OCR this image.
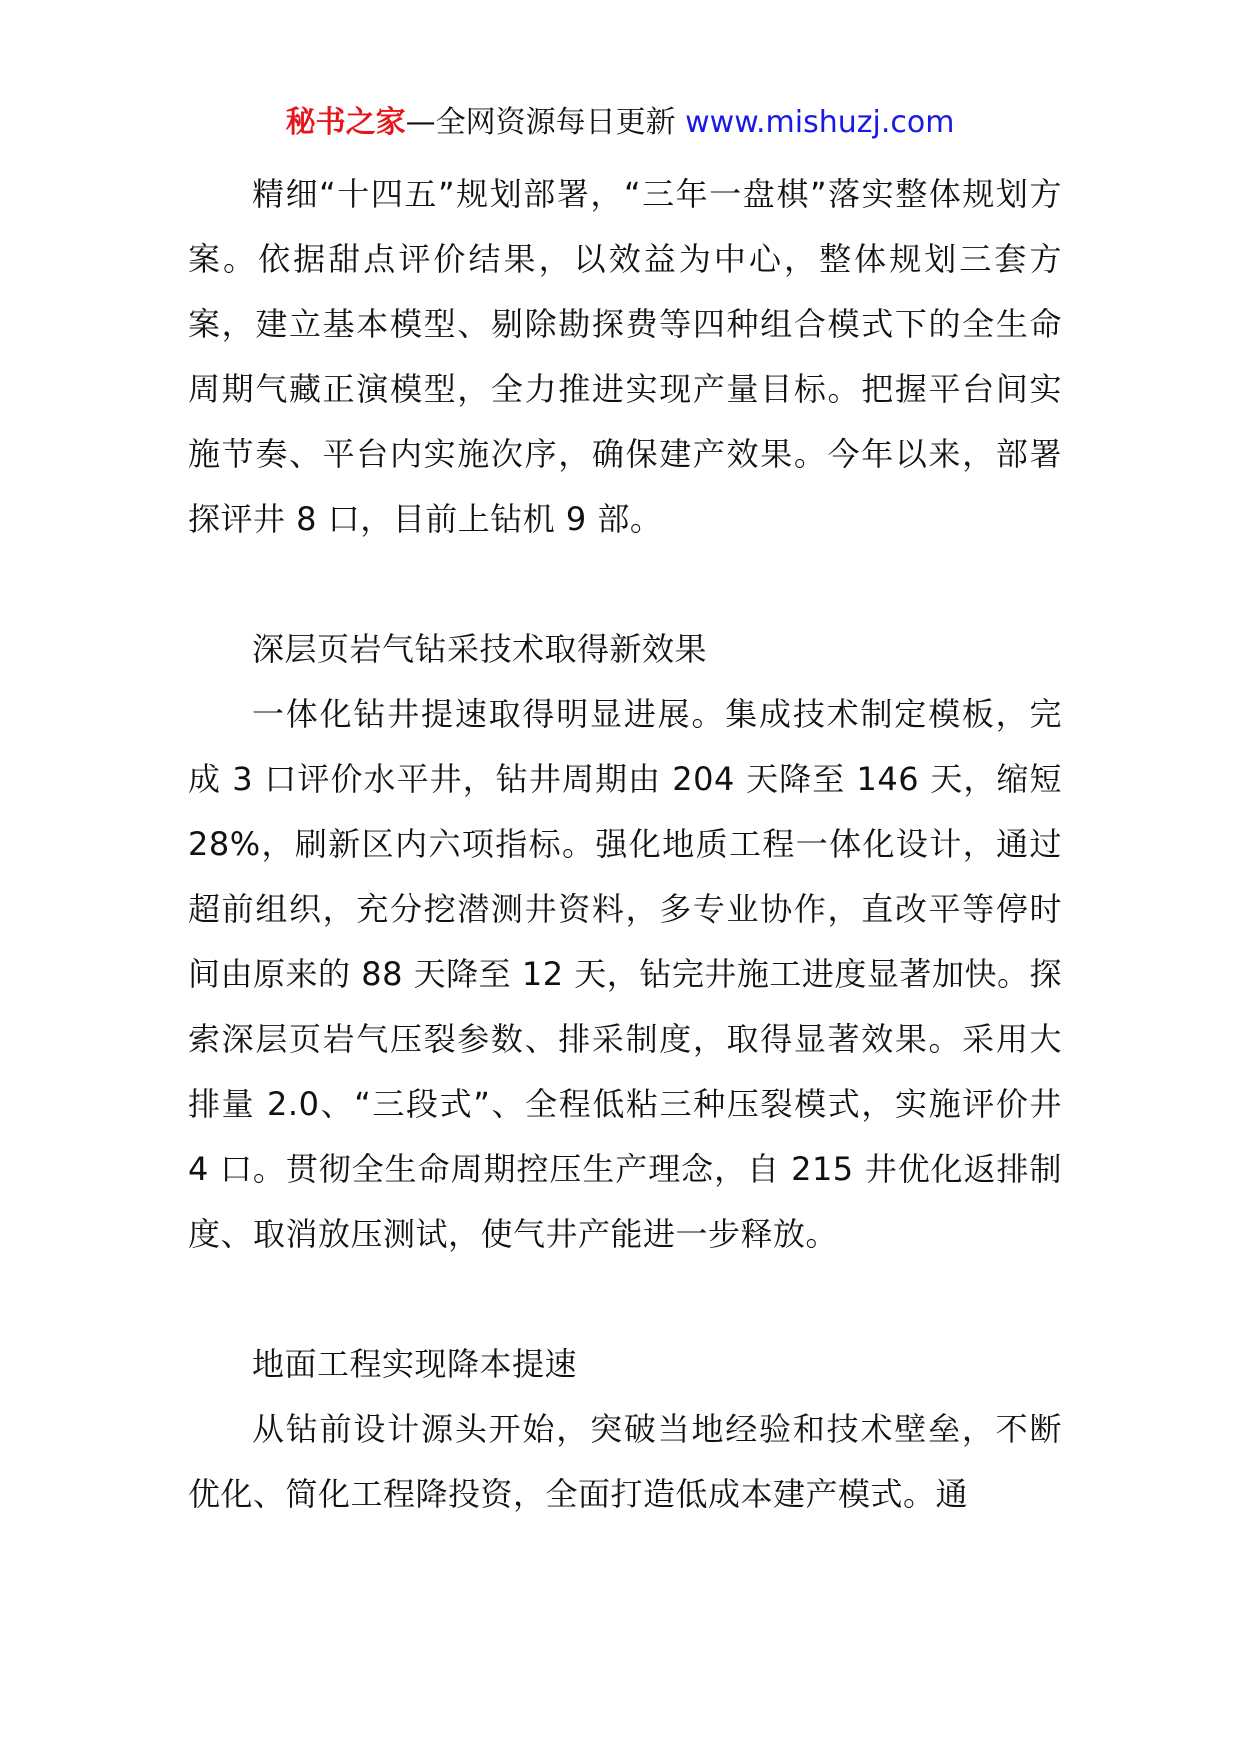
秘书之家—全网资源每日更新 www.mishuzj.com

精细“十四五”规划部署，“三年一盘棋”落实整体规划方案。依据甜点评价结果，以效益为中心，整体规划三套方案，建立基本模型、剔除勘探费等四种组合模式下的全生命周期气藏正演模型，全力推进实现产量目标。把握平台间实施节奏、平台内实施次序，确保建产效果。今年以来，部署探评井 8 口，目前上钻机 9 部。

深层页岩气钻采技术取得新效果

一体化钻井提速取得明显进展。集成技术制定模板，完成 3 口评价水平井，钻井周期由 204 天降至 146 天，缩短 28%，刷新区内六项指标。强化地质工程一体化设计，通过超前组织，充分挖潜测井资料，多专业协作，直改平等停时间由原来的 88 天降至 12 天，钻完井施工进度显著加快。探索深层页岩气压裂参数、排采制度，取得显著效果。采用大排量 2.0、“三段式”、全程低粘三种压裂模式，实施评价井 4 口。贯彻全生命周期控压生产理念，自 215 井优化返排制度、取消放压测试，使气井产能进一步释放。

地面工程实现降本提速

从钻前设计源头开始，突破当地经验和技术壁垒，不断优化、简化工程降投资，全面打造低成本建产模式。通
